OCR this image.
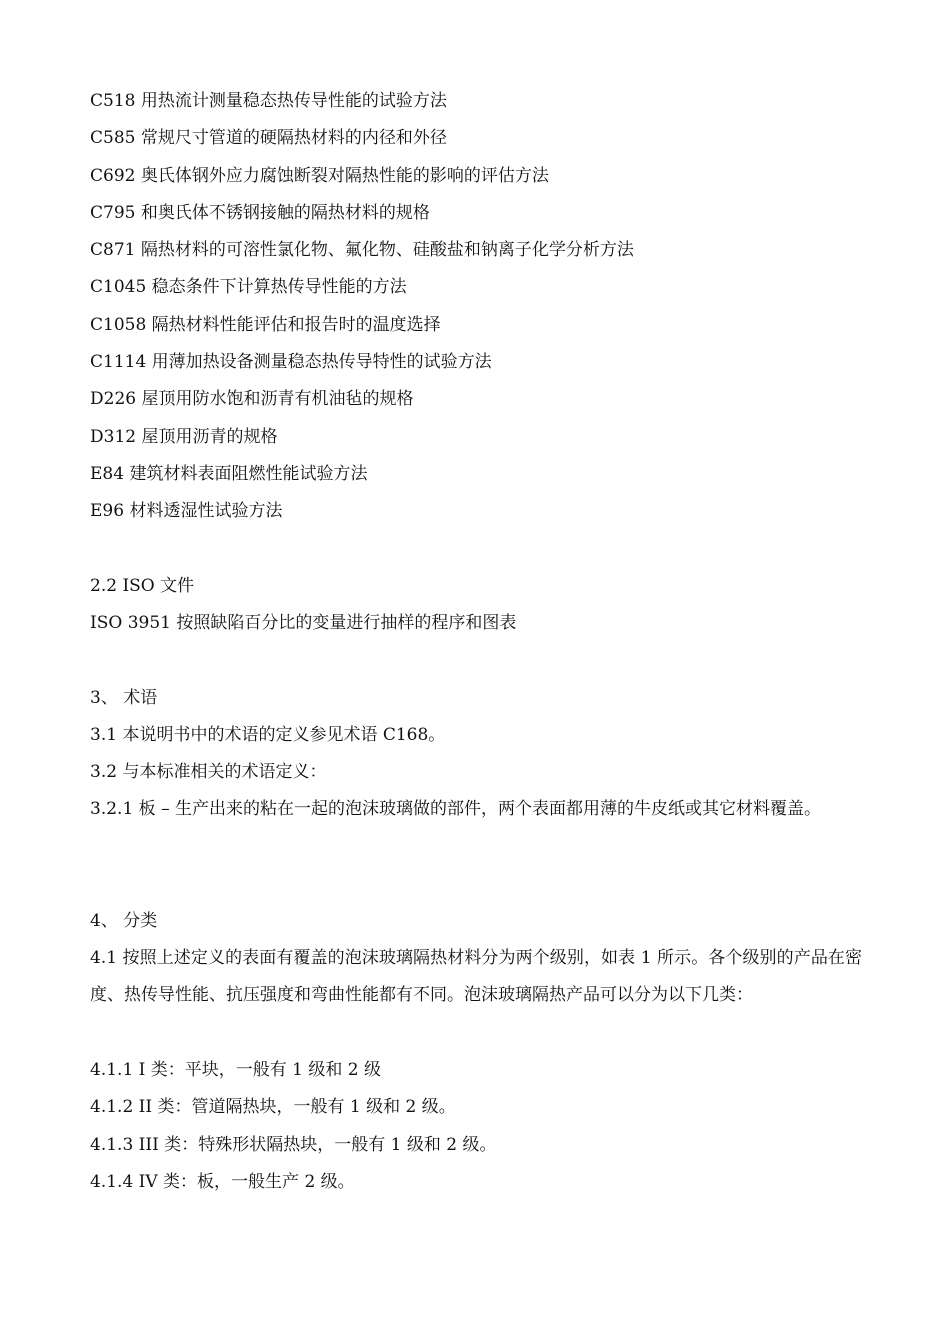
C518 用热流计测量稳态热传导性能的试验方法
C585 常规尺寸管道的硬隔热材料的内径和外径
C692 奥氏体钢外应力腐蚀断裂对隔热性能的影响的评估方法
C795 和奥氏体不锈钢接触的隔热材料的规格
C871 隔热材料的可溶性氯化物、氟化物、硅酸盐和钠离子化学分析方法
C1045 稳态条件下计算热传导性能的方法
C1058 隔热材料性能评估和报告时的温度选择
C1114 用薄加热设备测量稳态热传导特性的试验方法
D226 屋顶用防水饱和沥青有机油毡的规格
D312 屋顶用沥青的规格
E84 建筑材料表面阻燃性能试验方法
E96 材料透湿性试验方法
2.2 ISO 文件
ISO 3951 按照缺陷百分比的变量进行抽样的程序和图表
3、 术语
3.1 本说明书中的术语的定义参见术语 C168。
3.2 与本标准相关的术语定义：
3.2.1 板 – 生产出来的粘在一起的泡沫玻璃做的部件，两个表面都用薄的牛皮纸或其它材料覆盖。
4、 分类
4.1 按照上述定义的表面有覆盖的泡沫玻璃隔热材料分为两个级别，如表 1 所示。各个级别的产品在密度、热传导性能、抗压强度和弯曲性能都有不同。泡沫玻璃隔热产品可以分为以下几类：
4.1.1 I 类：平块，一般有 1 级和 2 级
4.1.2 II 类：管道隔热块，一般有 1 级和 2 级。
4.1.3 III 类：特殊形状隔热块，一般有 1 级和 2 级。
4.1.4 IV 类：板，一般生产 2 级。
